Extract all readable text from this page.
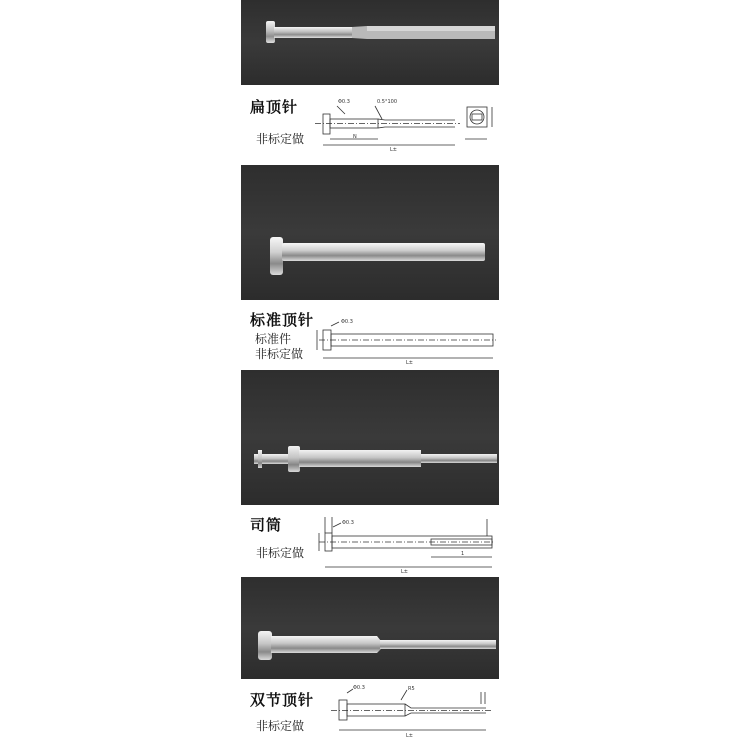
扁顶针
非标定做
Φ0.3	0.5°100
L±
N
标准顶针
标准件
非标定做
Φ0.3
L±
司筒
非标定做
Φ0.3
1
L±
双节顶针
非标定做
Φ0.3	R5
L±
